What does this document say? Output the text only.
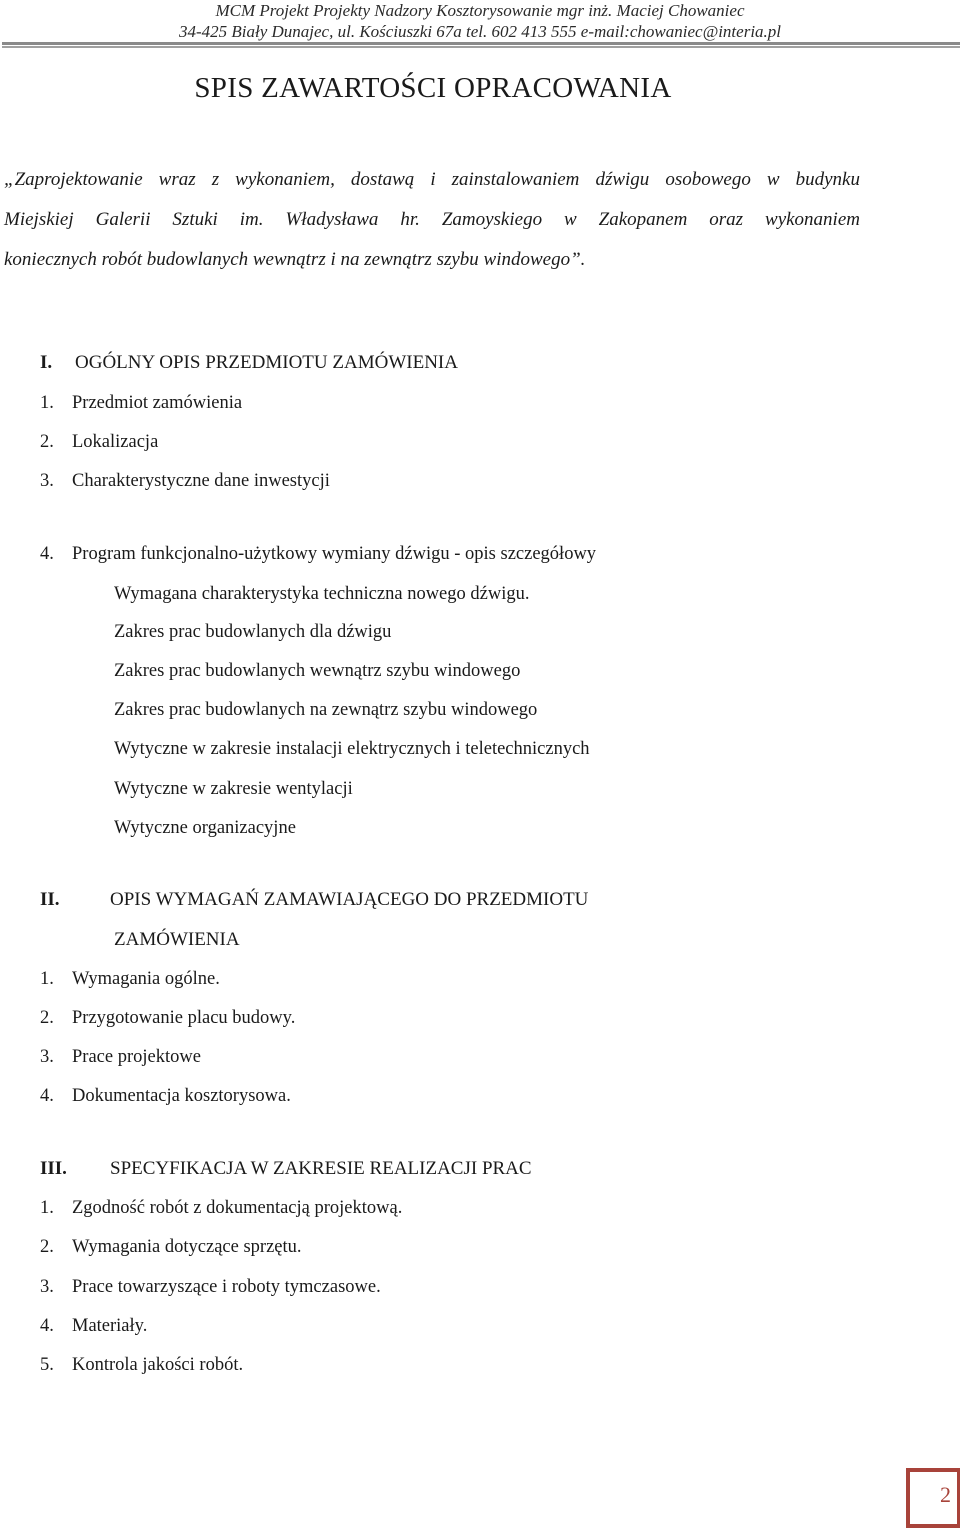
MCM Projekt Projekty Nadzory Kosztorysowanie mgr inż. Maciej Chowaniec
34-425 Biały Dunajec, ul. Kościuszki 67a tel. 602 413 555 e-mail:chowaniec@interia.pl
SPIS ZAWARTOŚCI OPRACOWANIA
„Zaprojektowanie wraz z wykonaniem, dostawą i zainstalowaniem dźwigu osobowego w budynku
Miejskiej Galerii Sztuki im. Władysława hr. Zamoyskiego w Zakopanem oraz wykonaniem
koniecznych robót budowlanych wewnątrz i na zewnątrz szybu windowego”.
I. OGÓLNY OPIS PRZEDMIOTU ZAMÓWIENIA
1. Przedmiot zamówienia
2. Lokalizacja
3. Charakterystyczne dane inwestycji
4. Program funkcjonalno-użytkowy wymiany dźwigu - opis szczegółowy
Wymagana charakterystyka techniczna nowego dźwigu.
Zakres prac budowlanych dla dźwigu
Zakres prac budowlanych wewnątrz szybu windowego
Zakres prac budowlanych na zewnątrz szybu windowego
Wytyczne w zakresie instalacji elektrycznych i teletechnicznych
Wytyczne w zakresie wentylacji
Wytyczne organizacyjne
II.	OPIS WYMAGAŃ ZAMAWIAJĄCEGO DO PRZEDMIOTU
ZAMÓWIENIA
1. Wymagania ogólne.
2. Przygotowanie placu budowy.
3. Prace projektowe
4. Dokumentacja kosztorysowa.
III. SPECYFIKACJA W ZAKRESIE REALIZACJI PRAC
1. Zgodność robót z dokumentacją projektową.
2. Wymagania dotyczące sprzętu.
3. Prace towarzyszące i roboty tymczasowe.
4. Materiały.
5. Kontrola jakości robót.
2
